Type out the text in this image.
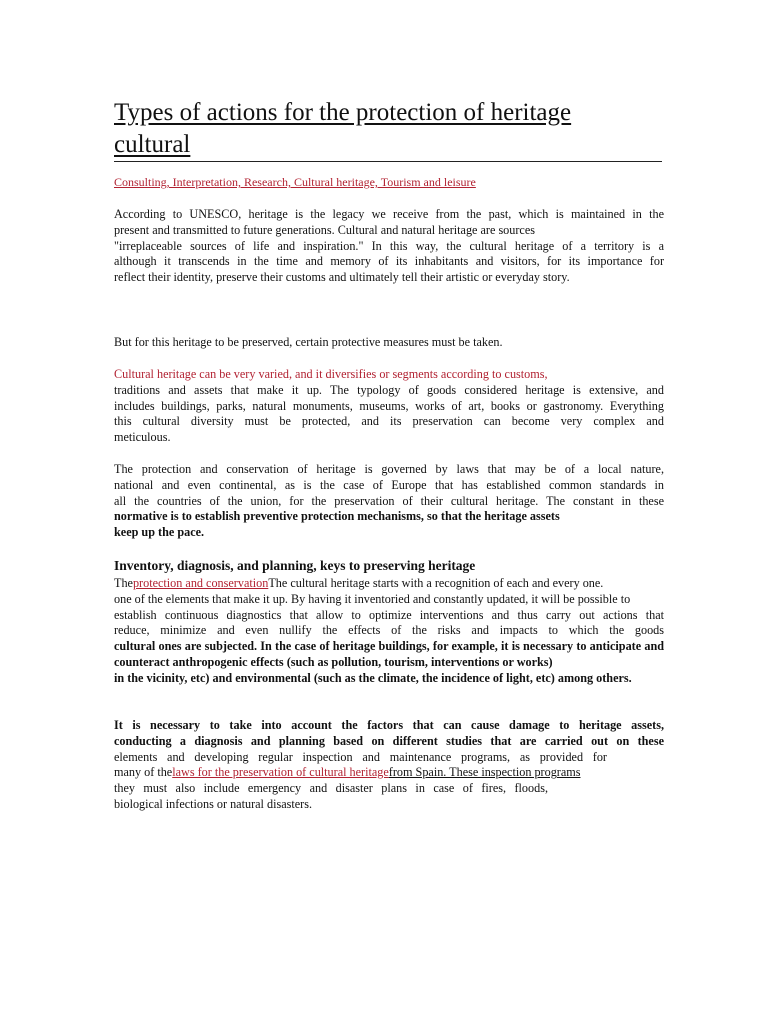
Types of actions for the protection of heritage
cultural

Consulting, Interpretation, Research, Cultural heritage, Tourism and leisure

According to UNESCO, heritage is the legacy we receive from the past, which is maintained in the
present and transmitted to future generations. Cultural and natural heritage are sources
"irreplaceable sources of life and inspiration." In this way, the cultural heritage of a territory is a
although it transcends in the time and memory of its inhabitants and visitors, for its importance for
reflect their identity, preserve their customs and ultimately tell their artistic or everyday story.
But for this heritage to be preserved, certain protective measures must be taken.
Cultural heritage can be very varied, and it diversifies or segments according to customs,
traditions and assets that make it up. The typology of goods considered heritage is extensive, and
includes buildings, parks, natural monuments, museums, works of art, books or gastronomy. Everything
this cultural diversity must be protected, and its preservation can become very complex and
meticulous.
The protection and conservation of heritage is governed by laws that may be of a local nature,
national and even continental, as is the case of Europe that has established common standards in
all the countries of the union, for the preservation of their cultural heritage. The constant in these
normative is to establish preventive protection mechanisms, so that the heritage assets
keep up the pace.
Inventory, diagnosis, and planning, keys to preserving heritage
Theprotection and conservationThe cultural heritage starts with a recognition of each and every one.
one of the elements that make it up. By having it inventoried and constantly updated, it will be possible to
establish continuous diagnostics that allow to optimize interventions and thus carry out actions that
reduce, minimize and even nullify the effects of the risks and impacts to which the goods
cultural ones are subjected. In the case of heritage buildings, for example, it is necessary to anticipate and
counteract anthropogenic effects (such as pollution, tourism, interventions or works)
in the vicinity, etc) and environmental (such as the climate, the incidence of light, etc) among others.
It is necessary to take into account the factors that can cause damage to heritage assets,
conducting a diagnosis and planning based on different studies that are carried out on these
elements and developing regular inspection and maintenance programs, as provided for
many of thelaws for the preservation of cultural heritagefrom Spain. These inspection programs
they must also include emergency and disaster plans in case of fires, floods,
biological infections or natural disasters.
